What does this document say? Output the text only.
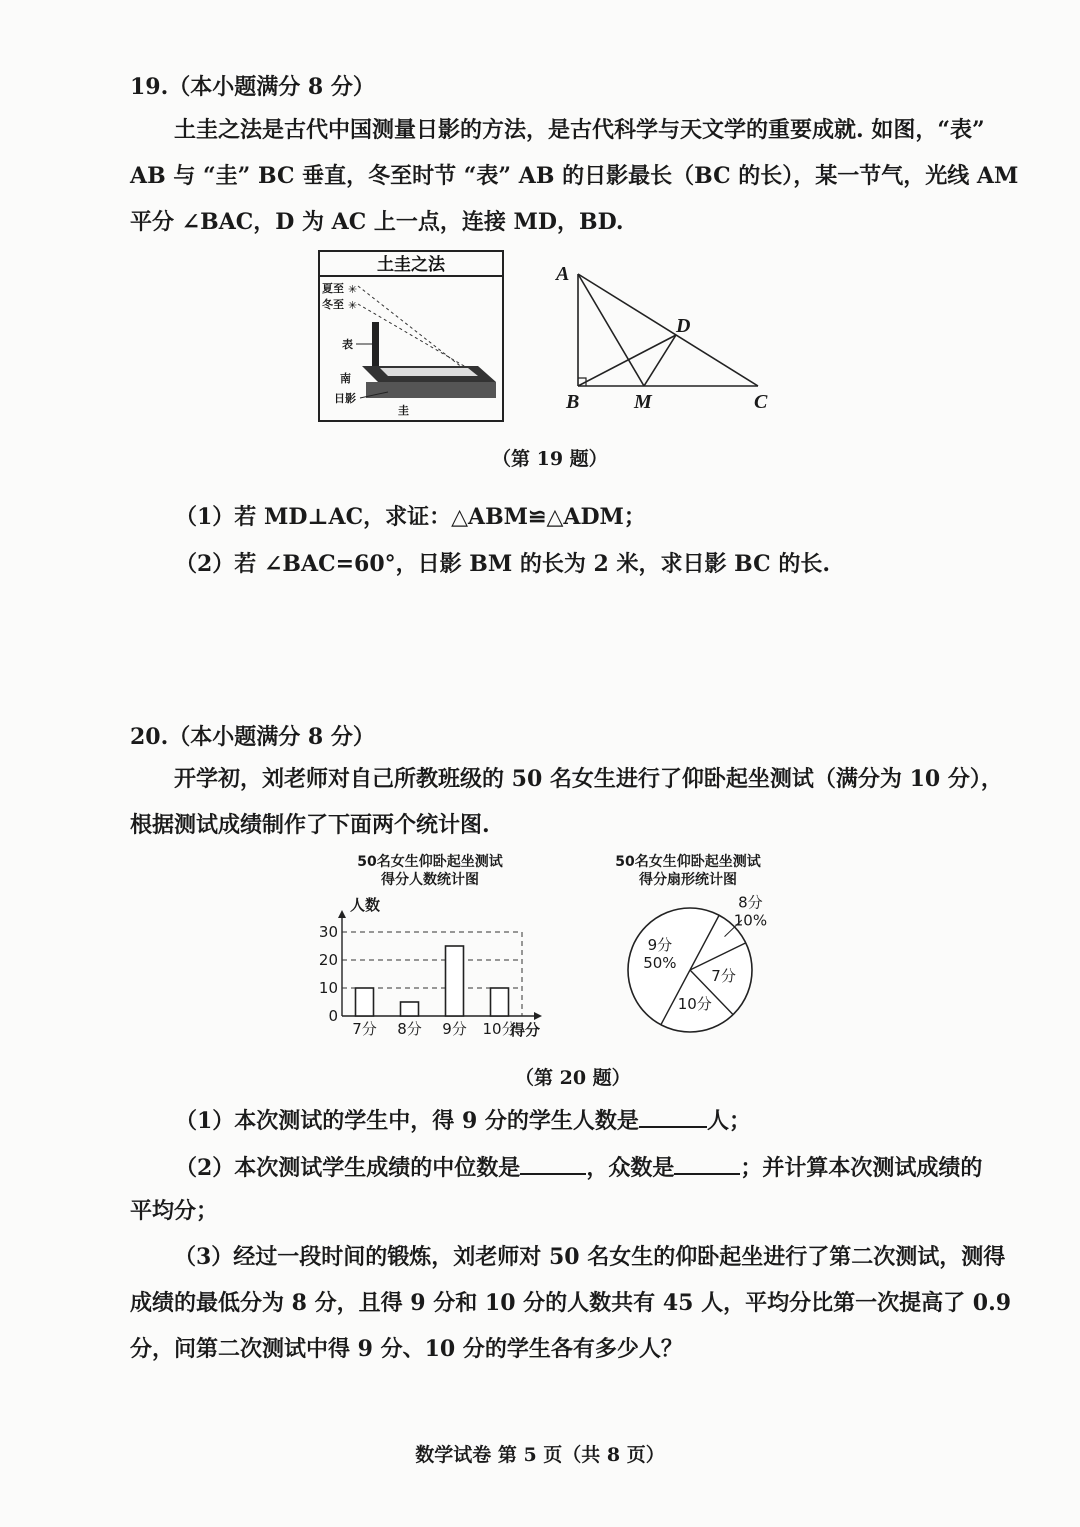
19.（本小题满分 8 分）
土圭之法是古代中国测量日影的方法，是古代科学与天文学的重要成就. 如图，“表”
AB 与 “圭” BC 垂直，冬至时节 “表” AB 的日影最长（BC 的长），某一节气，光线 AM
平分 ∠BAC，D 为 AC 上一点，连接 MD，BD.
土圭之法
夏至
冬至
✳
✳
表
南
日影
圭
A
B	M	C
D
（第 19 题）
（1）若 MD⊥AC，求证：△ABM≌△ADM；
（2）若 ∠BAC=60°，日影 BM 的长为 2 米，求日影 BC 的长.
20.（本小题满分 8 分）
开学初，刘老师对自己所教班级的 50 名女生进行了仰卧起坐测试（满分为 10 分），
根据测试成绩制作了下面两个统计图.
50名女生仰卧起坐测试
得分人数统计图
人数
得分
0
10
20
30
7分 8分 9分 10分
50名女生仰卧起坐测试
得分扇形统计图
9分
50%
8分
10%
7分
10分
（第 20 题）
（1）本次测试的学生中，得 9 分的学生人数是	人；
（2）本次测试学生成绩的中位数是	，众数是	；并计算本次测试成绩的
平均分；
（3）经过一段时间的锻炼，刘老师对 50 名女生的仰卧起坐进行了第二次测试，测得
成绩的最低分为 8 分，且得 9 分和 10 分的人数共有 45 人，平均分比第一次提高了 0.9
分，问第二次测试中得 9 分、10 分的学生各有多少人？
数学试卷 第 5 页（共 8 页）
